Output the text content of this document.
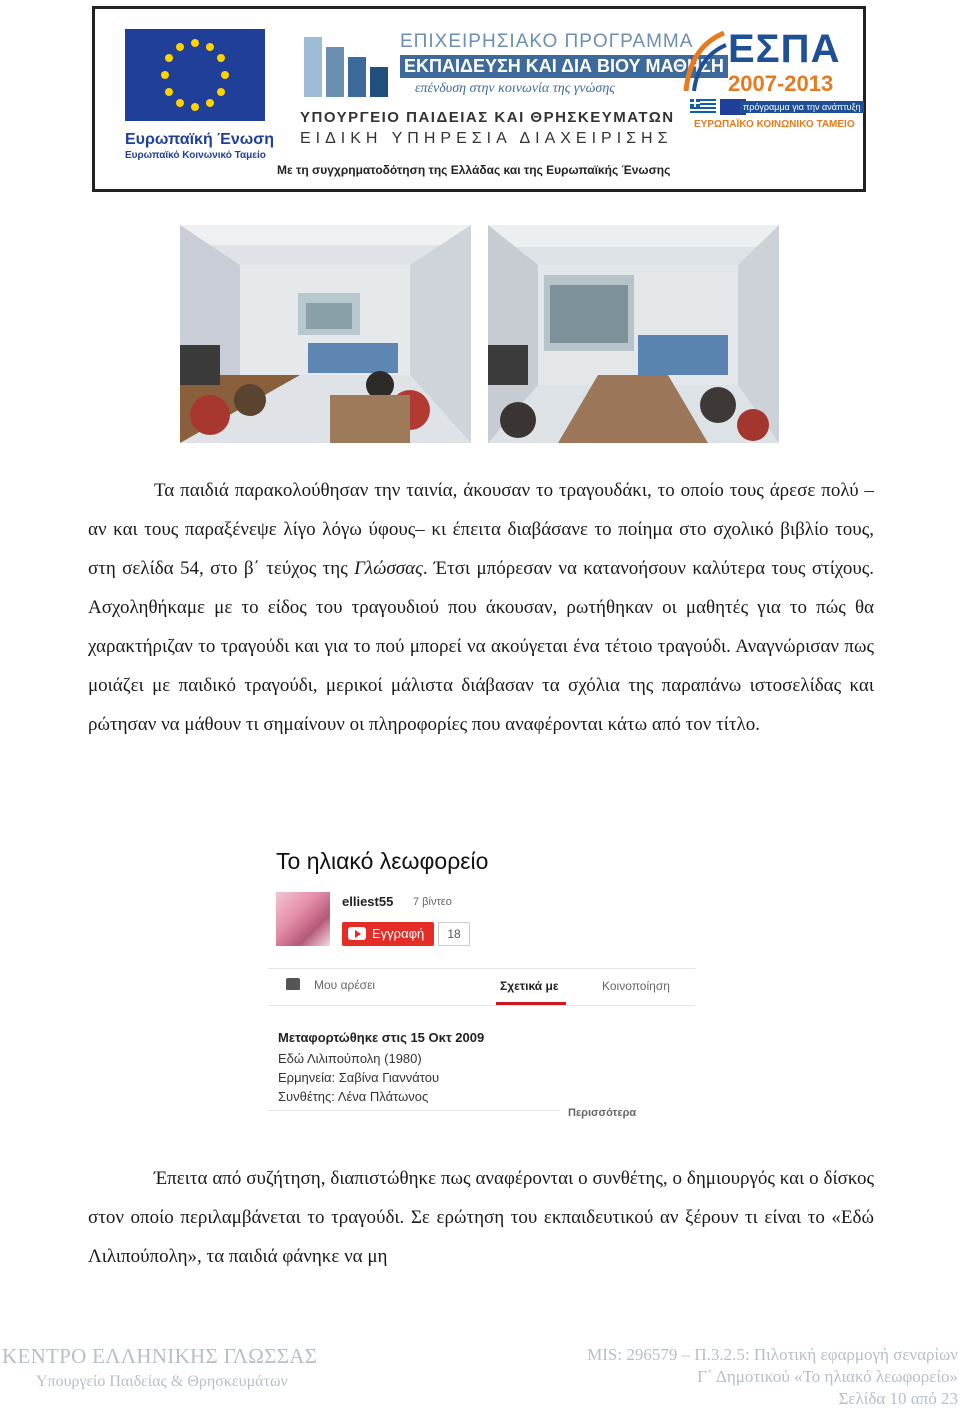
Ευρωπαϊκή Ένωση
Ευρωπαϊκό Κοινωνικό Ταμείο
ΕΠΙΧΕΙΡΗΣΙΑΚΟ ΠΡΟΓΡΑΜΜΑ
ΕΚΠΑΙΔΕΥΣΗ ΚΑΙ ΔΙΑ ΒΙΟΥ ΜΑΘΗΣΗ
επένδυση στην κοινωνία της γνώσης
ΥΠΟΥΡΓΕΙΟ ΠΑΙΔΕΙΑΣ ΚΑΙ ΘΡΗΣΚΕΥΜΑΤΩΝ
ΕΙΔΙΚΗ ΥΠΗΡΕΣΙΑ ΔΙΑΧΕΙΡΙΣΗΣ
Με τη συγχρηματοδότηση της Ελλάδας και της Ευρωπαϊκής Ένωσης
ΕΣΠΑ
2007-2013
πρόγραμμα για την ανάπτυξη
ΕΥΡΩΠΑΪΚΟ ΚΟΙΝΩΝΙΚΟ ΤΑΜΕΙΟ
Τα παιδιά παρακολούθησαν την ταινία, άκουσαν το τραγουδάκι, το οποίο τους άρεσε πολύ –αν και τους παραξένεψε λίγο λόγω ύφους– κι έπειτα διαβάσανε το ποίημα στο σχολικό βιβλίο τους, στη σελίδα 54, στο β΄ τεύχος της Γλώσσας. Έτσι μπόρεσαν να κατανοήσουν καλύτερα τους στίχους. Ασχοληθήκαμε με το είδος του τραγουδιού που άκουσαν, ρωτήθηκαν οι μαθητές για το πώς θα χαρακτήριζαν το τραγούδι και για το πού μπορεί να ακούγεται ένα τέτοιο τραγούδι. Αναγνώρισαν πως μοιάζει με παιδικό τραγούδι, μερικοί μάλιστα διάβασαν τα σχόλια της παραπάνω ιστοσελίδας και ρώτησαν να μάθουν τι σημαίνουν οι πληροφορίες που αναφέρονται κάτω από τον τίτλο.
Το ηλιακό λεωφορείο
elliest55 7 βίντεο
Εγγραφή	18
Μου αρέσει	Σχετικά με	Κοινοποίηση
Μεταφορτώθηκε στις 15 Οκτ 2009
Εδώ Λιλιπούπολη (1980)
Ερμηνεία: Σαβίνα Γιαννάτου
Συνθέτης: Λένα Πλάτωνος
Περισσότερα
Έπειτα από συζήτηση, διαπιστώθηκε πως αναφέρονται ο συνθέτης, ο δημιουργός και ο δίσκος στον οποίο περιλαμβάνεται το τραγούδι. Σε ερώτηση του εκπαιδευτικού αν ξέρουν τι είναι το «Εδώ Λιλιπούπολη», τα παιδιά φάνηκε να μη
ΚΕΝΤΡΟ ΕΛΛΗΝΙΚΗΣ ΓΛΩΣΣΑΣ
Υπουργείο Παιδείας & Θρησκευμάτων
MIS: 296579 – Π.3.2.5: Πιλοτική εφαρμογή σεναρίων
Γ΄ Δημοτικού «Το ηλιακό λεωφορείο»
Σελίδα 10 από 23
